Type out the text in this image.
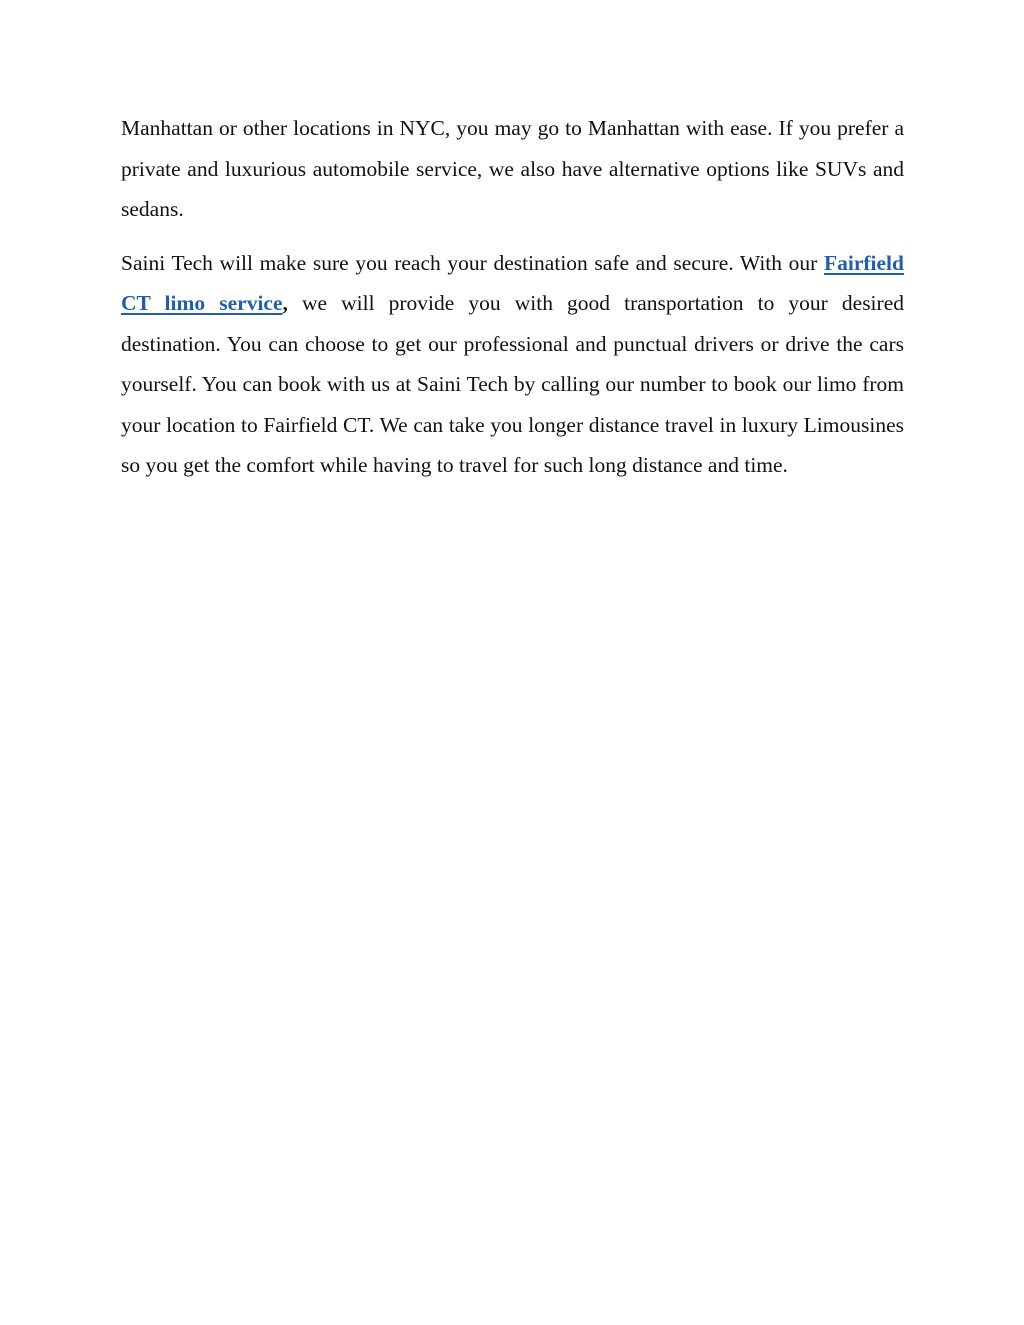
Manhattan or other locations in NYC, you may go to Manhattan with ease. If you prefer a private and luxurious automobile service, we also have alternative options like SUVs and sedans.

Saini Tech will make sure you reach your destination safe and secure. With our Fairfield CT limo service, we will provide you with good transportation to your desired destination. You can choose to get our professional and punctual drivers or drive the cars yourself. You can book with us at Saini Tech by calling our number to book our limo from your location to Fairfield CT. We can take you longer distance travel in luxury Limousines so you get the comfort while having to travel for such long distance and time.
